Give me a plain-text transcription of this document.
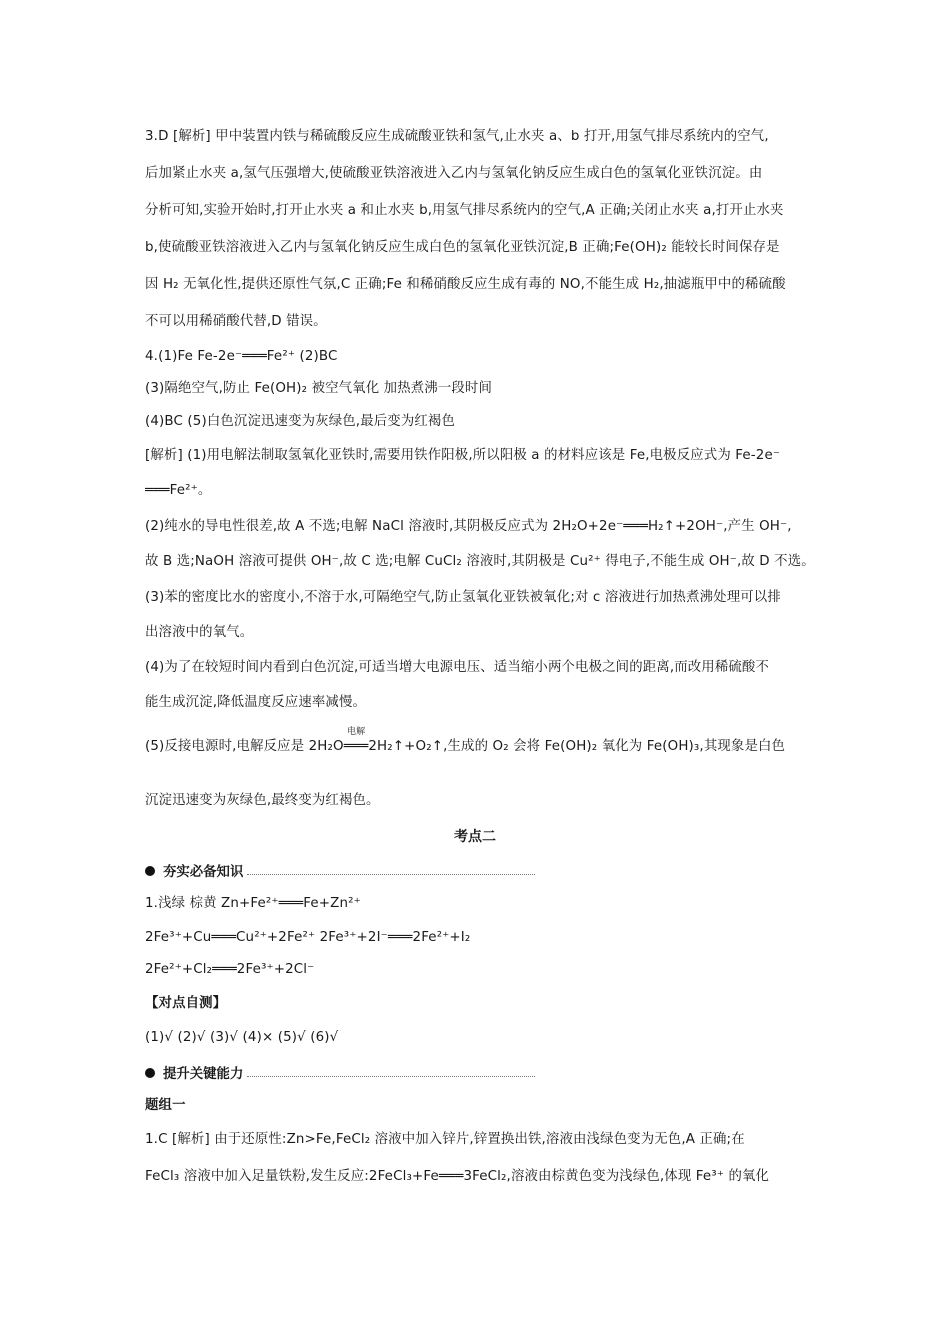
3.D [解析] 甲中装置内铁与稀硫酸反应生成硫酸亚铁和氢气,止水夹 a、b 打开,用氢气排尽系统内的空气,
后加紧止水夹 a,氢气压强增大,使硫酸亚铁溶液进入乙内与氢氧化钠反应生成白色的氢氧化亚铁沉淀。由
分析可知,实验开始时,打开止水夹 a 和止水夹 b,用氢气排尽系统内的空气,A 正确;关闭止水夹 a,打开止水夹
b,使硫酸亚铁溶液进入乙内与氢氧化钠反应生成白色的氢氧化亚铁沉淀,B 正确;Fe(OH)₂ 能较长时间保存是
因 H₂ 无氧化性,提供还原性气氛,C 正确;Fe 和稀硝酸反应生成有毒的 NO,不能生成 H₂,抽滤瓶甲中的稀硫酸
不可以用稀硝酸代替,D 错误。
4.(1)Fe Fe-2e⁻═══Fe²⁺ (2)BC
(3)隔绝空气,防止 Fe(OH)₂ 被空气氧化 加热煮沸一段时间
(4)BC (5)白色沉淀迅速变为灰绿色,最后变为红褐色
[解析] (1)用电解法制取氢氧化亚铁时,需要用铁作阳极,所以阳极 a 的材料应该是 Fe,电极反应式为 Fe-2e⁻
═══Fe²⁺。
(2)纯水的导电性很差,故 A 不选;电解 NaCl 溶液时,其阴极反应式为 2H₂O+2e⁻═══H₂↑+2OH⁻,产生 OH⁻,
故 B 选;NaOH 溶液可提供 OH⁻,故 C 选;电解 CuCl₂ 溶液时,其阴极是 Cu²⁺ 得电子,不能生成 OH⁻,故 D 不选。
(3)苯的密度比水的密度小,不溶于水,可隔绝空气,防止氢氧化亚铁被氧化;对 c 溶液进行加热煮沸处理可以排
出溶液中的氧气。
(4)为了在较短时间内看到白色沉淀,可适当增大电源电压、适当缩小两个电极之间的距离,而改用稀硫酸不
能生成沉淀,降低温度反应速率减慢。
电解
(5)反接电源时,电解反应是 2H₂O═══2H₂↑+O₂↑,生成的 O₂ 会将 Fe(OH)₂ 氧化为 Fe(OH)₃,其现象是白色
沉淀迅速变为灰绿色,最终变为红褐色。
考点二
夯实必备知识
1.浅绿 棕黄 Zn+Fe²⁺═══Fe+Zn²⁺
2Fe³⁺+Cu═══Cu²⁺+2Fe²⁺ 2Fe³⁺+2I⁻═══2Fe²⁺+I₂
2Fe²⁺+Cl₂═══2Fe³⁺+2Cl⁻
【对点自测】
(1)√ (2)√ (3)√ (4)× (5)√ (6)√
提升关键能力
题组一
1.C [解析] 由于还原性:Zn>Fe,FeCl₂ 溶液中加入锌片,锌置换出铁,溶液由浅绿色变为无色,A 正确;在
FeCl₃ 溶液中加入足量铁粉,发生反应:2FeCl₃+Fe═══3FeCl₂,溶液由棕黄色变为浅绿色,体现 Fe³⁺ 的氧化
